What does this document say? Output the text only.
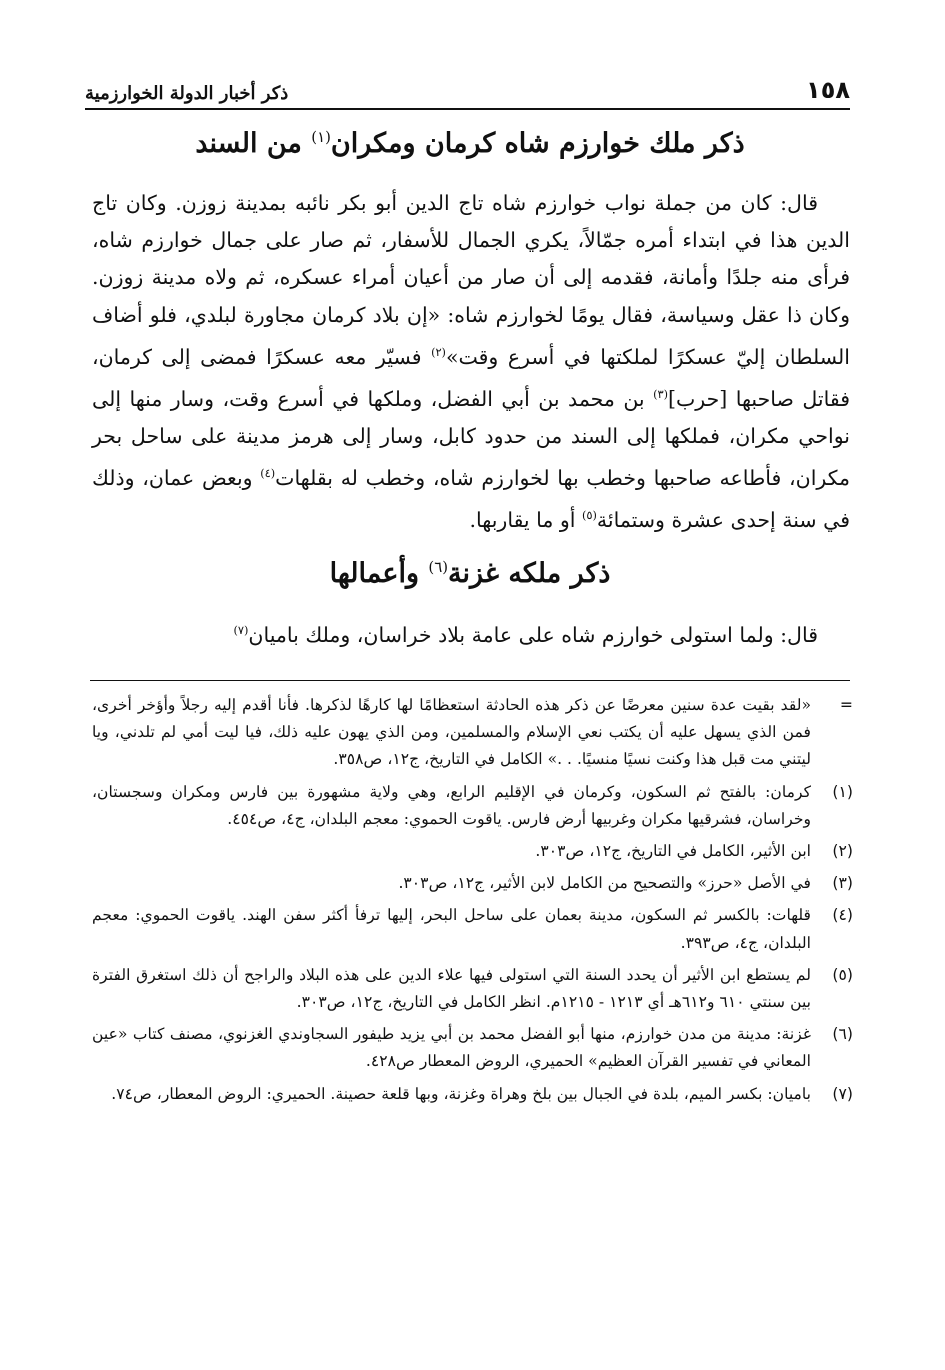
١٥٨
ذكر أخبار الدولة الخوارزمية
ذكر ملك خوارزم شاه كرمان ومكران$^{(١)}$ من السند

قال: كان من جملة نواب خوارزم شاه تاج الدين أبو بكر نائبه بمدينة زوزن. وكان تاج الدين هذا في ابتداء أمره جمّالاً، يكري الجمال للأسفار، ثم صار على جمال خوارزم شاه، فرأى منه جلدًا وأمانة، فقدمه إلى أن صار من أعيان أمراء عسكره، ثم ولاه مدينة زوزن. وكان ذا عقل وسياسة، فقال يومًا لخوارزم شاه: «إن بلاد كرمان مجاورة لبلدي، فلو أضاف السلطان إليّ عسكرًا لملكتها في أسرع وقت»$^{(٢)}$ فسيّر معه عسكرًا فمضى إلى كرمان، فقاتل صاحبها [حرب]$^{(٣)}$ بن محمد بن أبي الفضل، وملكها في أسرع وقت، وسار منها إلى نواحي مكران، فملكها إلى السند من حدود كابل، وسار إلى هرمز مدينة على ساحل بحر مكران، فأطاعه صاحبها وخطب بها لخوارزم شاه، وخطب له بقلهات$^{(٤)}$ وبعض عمان، وذلك في سنة إحدى عشرة وستمائة$^{(٥)}$ أو ما يقاربها.

ذكر ملكه غزنة$^{(٦)}$ وأعمالها

قال: ولما استولى خوارزم شاه على عامة بلاد خراسان، وملك باميان$^{(٧)}$

=
«لقد بقيت عدة سنين معرضًا عن ذكر هذه الحادثة استعظامًا لها كارهًا لذكرها. فأنا أقدم إليه رجلاً وأؤخر أخرى، فمن الذي يسهل عليه أن يكتب نعي الإسلام والمسلمين، ومن الذي يهون عليه ذلك، فيا ليت أمي لم تلدني، ويا ليتني مت قبل هذا وكنت نسيًا منسيًا. . .» الكامل في التاريخ، ج١٢، ص٣٥٨.
(١)
كرمان: بالفتح ثم السكون، وكرمان في الإقليم الرابع، وهي ولاية مشهورة بين فارس ومكران وسجستان، وخراسان، فشرقيها مكران وغربيها أرض فارس. ياقوت الحموي: معجم البلدان، ج٤، ص٤٥٤.
(٢)
ابن الأثير، الكامل في التاريخ، ج١٢، ص٣٠٣.
(٣)
في الأصل «حرز» والتصحيح من الكامل لابن الأثير، ج١٢، ص٣٠٣.
(٤)
قلهات: بالكسر ثم السكون، مدينة بعمان على ساحل البحر، إليها ترفأ أكثر سفن الهند. ياقوت الحموي: معجم البلدان، ج٤، ص٣٩٣.
(٥)
لم يستطع ابن الأثير أن يحدد السنة التي استولى فيها علاء الدين على هذه البلاد والراجح أن ذلك استغرق الفترة بين سنتي ٦١٠ و٦١٢هـ أي ١٢١٣ - ١٢١٥م. انظر الكامل في التاريخ، ج١٢، ص٣٠٣.
(٦)
غزنة: مدينة من مدن خوارزم، منها أبو الفضل محمد بن أبي يزيد طيفور السجاوندي الغزنوي، مصنف كتاب «عين المعاني في تفسير القرآن العظيم» الحميري، الروض المعطار ص٤٢٨.
(٧)
باميان: بكسر الميم، بلدة في الجبال بين بلخ وهراة وغزنة، وبها قلعة حصينة. الحميري: الروض المعطار، ص٧٤.
